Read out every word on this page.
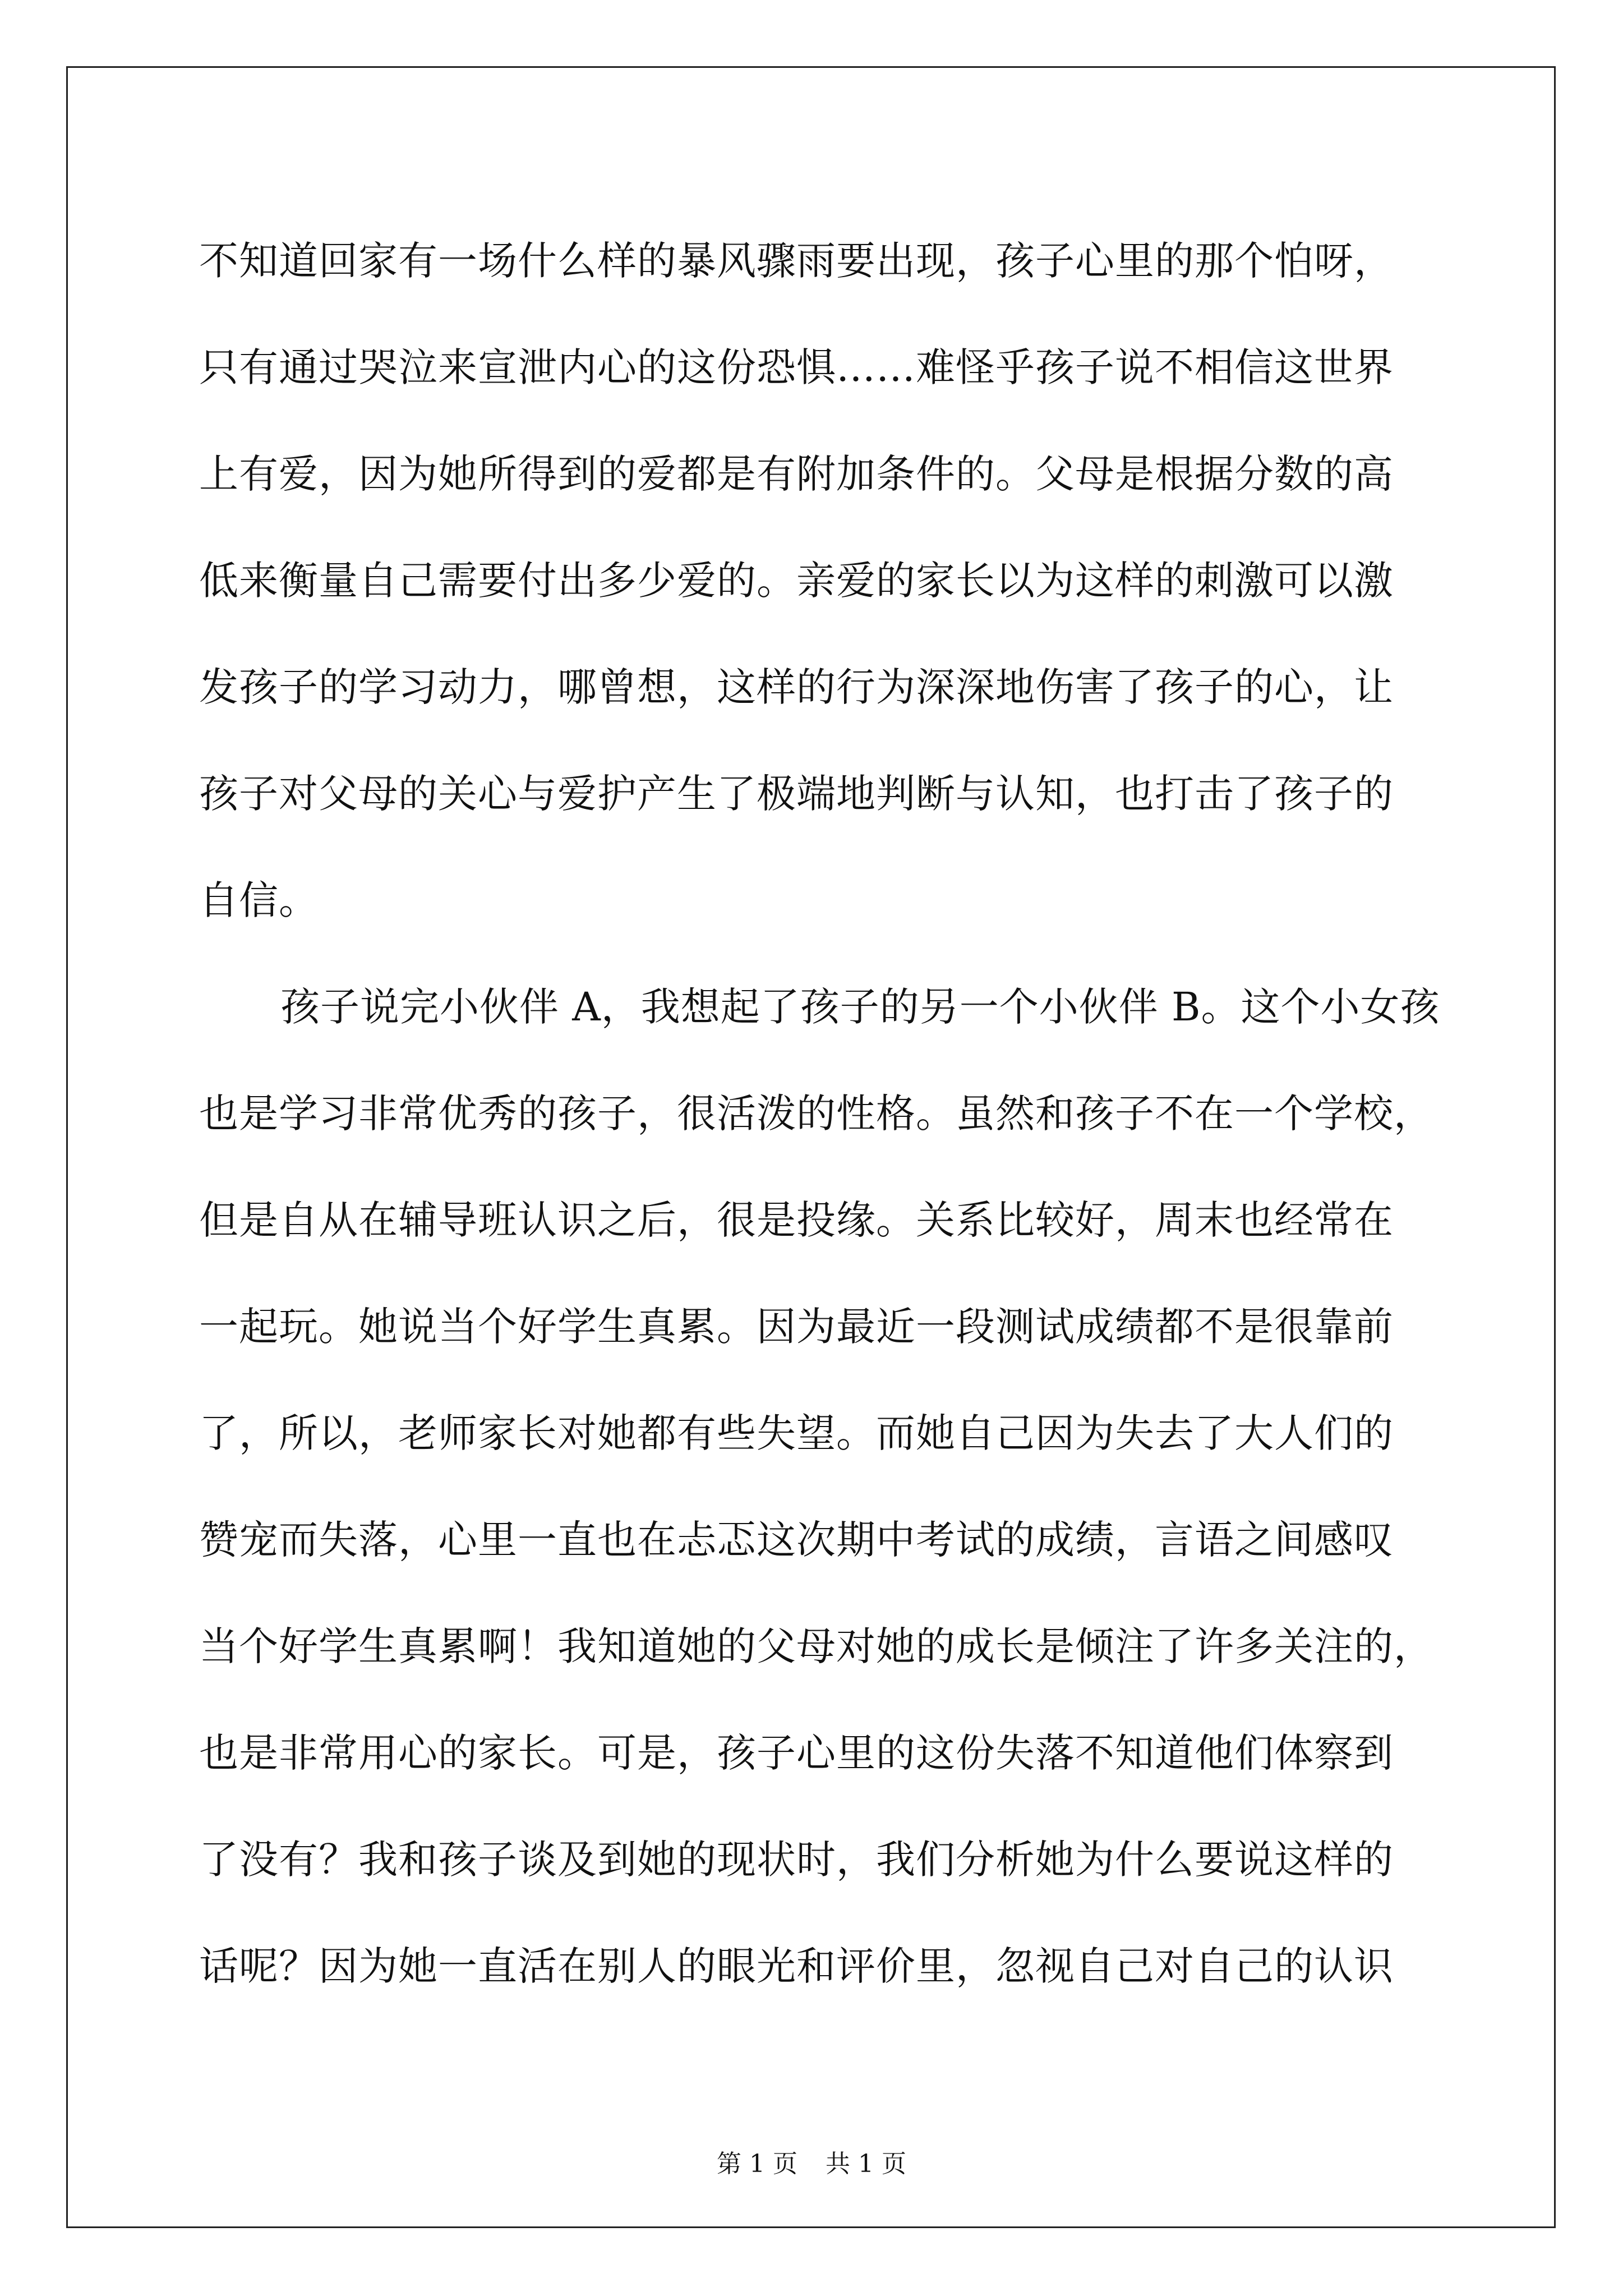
不知道回家有一场什么样的暴风骤雨要出现，孩子心里的那个怕呀，
只有通过哭泣来宣泄内心的这份恐惧……难怪乎孩子说不相信这世界
上有爱，因为她所得到的爱都是有附加条件的。父母是根据分数的高
低来衡量自己需要付出多少爱的。亲爱的家长以为这样的刺激可以激
发孩子的学习动力，哪曾想，这样的行为深深地伤害了孩子的心，让
孩子对父母的关心与爱护产生了极端地判断与认知，也打击了孩子的
自信。
孩子说完小伙伴 A，我想起了孩子的另一个小伙伴 B。这个小女孩
也是学习非常优秀的孩子，很活泼的性格。虽然和孩子不在一个学校，
但是自从在辅导班认识之后，很是投缘。关系比较好，周末也经常在
一起玩。她说当个好学生真累。因为最近一段测试成绩都不是很靠前
了，所以，老师家长对她都有些失望。而她自己因为失去了大人们的
赞宠而失落，心里一直也在忐忑这次期中考试的成绩，言语之间感叹
当个好学生真累啊！我知道她的父母对她的成长是倾注了许多关注的，
也是非常用心的家长。可是，孩子心里的这份失落不知道他们体察到
了没有？我和孩子谈及到她的现状时，我们分析她为什么要说这样的
话呢？因为她一直活在别人的眼光和评价里，忽视自己对自己的认识
第 1 页 共 1 页
